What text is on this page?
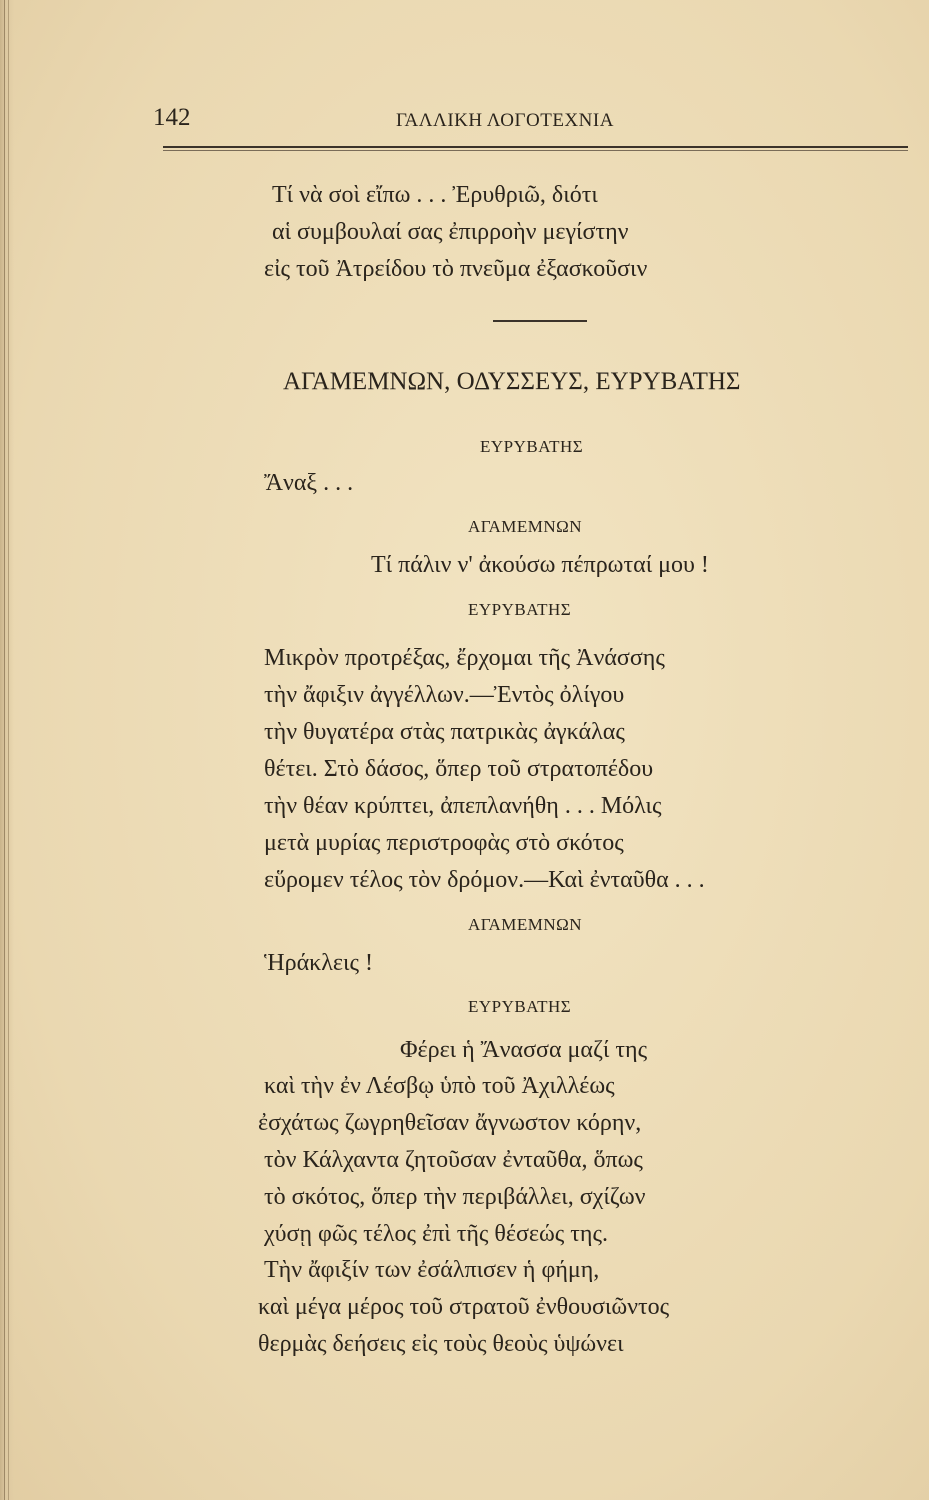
142	ΓΑΛΛΙΚΗ ΛΟΓΟΤΕΧΝΙΑ
Τί νὰ σοὶ εἴπω . . . Ἐρυθριῶ, διότι
αἱ συμβουλαί σας ἐπιρροὴν μεγίστην
εἰς τοῦ Ἀτρείδου τὸ πνεῦμα ἐξασκοῦσιν
ΑΓΑΜΕΜΝΩΝ, ΟΔΥΣΣΕΥΣ, ΕΥΡΥΒΑΤΗΣ
ΕΥΡΥΒΑΤΗΣ
Ἄναξ . . .
ΑΓΑΜΕΜΝΩΝ
Τί πάλιν ν' ἀκούσω πέπρωταί μου !
ΕΥΡΥΒΑΤΗΣ
Μικρὸν προτρέξας, ἔρχομαι τῆς Ἀνάσσης
τὴν ἄφιξιν ἀγγέλλων.—Ἐντὸς ὀλίγου
τὴν θυγατέρα στὰς πατρικὰς ἀγκάλας
θέτει. Στὸ δάσος, ὅπερ τοῦ στρατοπέδου
τὴν θέαν κρύπτει, ἀπεπλανήθη . . . Μόλις
μετὰ μυρίας περιστροφὰς στὸ σκότος
εὕρομεν τέλος τὸν δρόμον.—Καὶ ἐνταῦθα . . .
ΑΓΑΜΕΜΝΩΝ
Ἡράκλεις !
ΕΥΡΥΒΑΤΗΣ
Φέρει ἡ Ἄνασσα μαζί της
καὶ τὴν ἐν Λέσβῳ ὑπὸ τοῦ Ἀχιλλέως
ἐσχάτως ζωγρηθεῖσαν ἄγνωστον κόρην,
τὸν Κάλχαντα ζητοῦσαν ἐνταῦθα, ὅπως
τὸ σκότος, ὅπερ τὴν περιβάλλει, σχίζων
χύσῃ φῶς τέλος ἐπὶ τῆς θέσεώς της.
Τὴν ἄφιξίν των ἐσάλπισεν ἡ φήμη,
καὶ μέγα μέρος τοῦ στρατοῦ ἐνθουσιῶντος
θερμὰς δεήσεις εἰς τοὺς θεοὺς ὑψώνει
